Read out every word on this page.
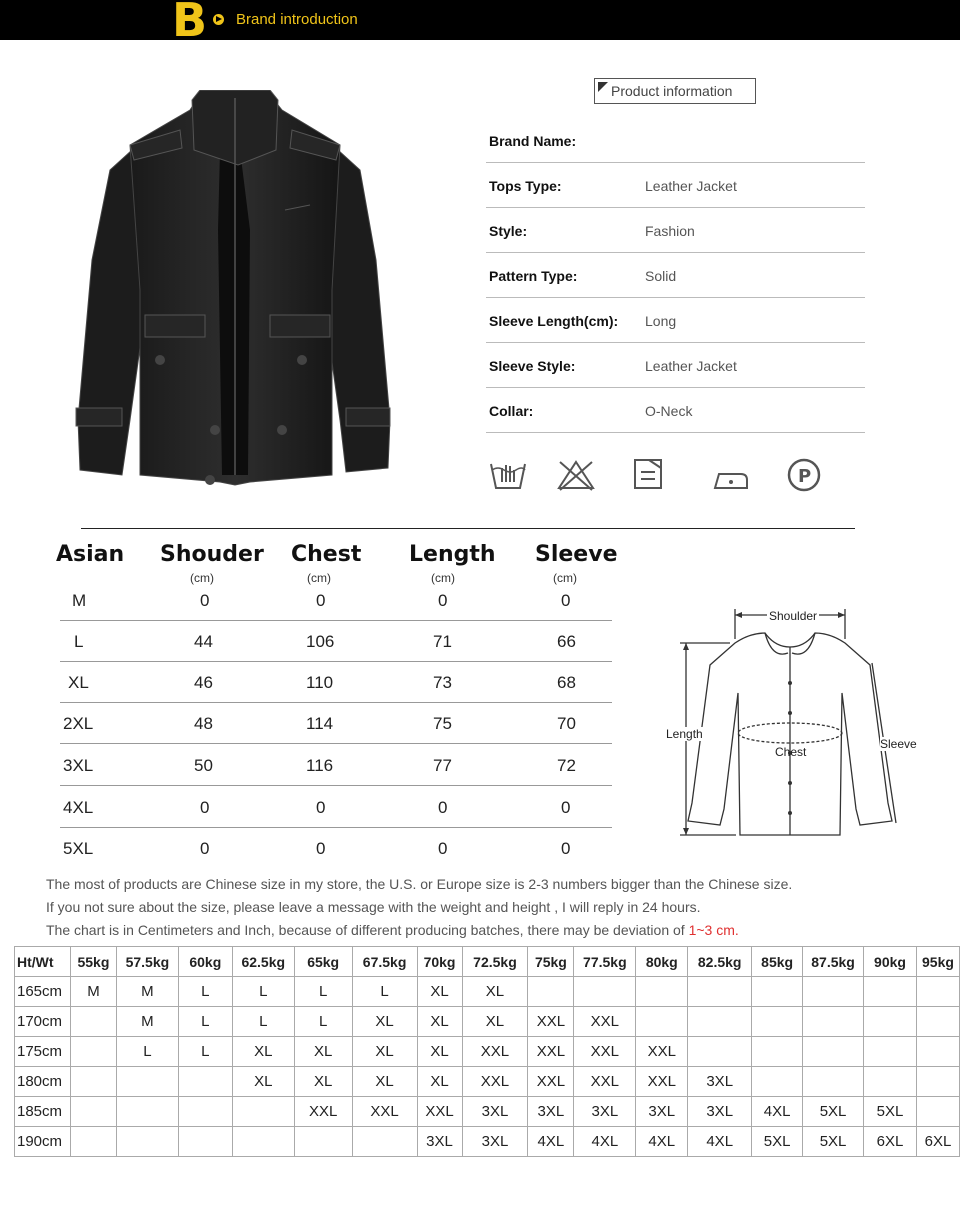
B Brand introduction
Product information
Brand Name:
Tops Type:	Leather Jacket
Style:	Fashion
Pattern Type:	Solid
Sleeve Length(cm): Long
Sleeve Style:	Leather Jacket
Collar:	O-Neck
P
Asian Shouder Chest Length Sleeve
(cm)	(cm)	(cm)	(cm)
M	0	0	0	0
L	44	106	71	66
XL	46	110	73	68
2XL	48	114	75	70
3XL	50	116	77	72
4XL	0	0	0	0
5XL	0	0	0	0
Shoulder
Length
Chest
Sleeve
The most of products are Chinese size in my store, the U.S. or Europe size is 2-3 numbers bigger than the Chinese size.
If you not sure about the size, please leave a message with the weight and height , I will reply in 24 hours.
The chart is in Centimeters and Inch, because of different producing batches, there may be deviation of 1~3 cm.
Ht/Wt	55kg	57.5kg	60kg	62.5kg	65kg	67.5kg	70kg	72.5kg	75kg	77.5kg	80kg	82.5kg	85kg	87.5kg	90kg	95kg
165cm	M	M	L	L	L	L	XL	XL								
170cm		M	L	L	L	XL	XL	XL	XXL	XXL						
175cm		L	L	XL	XL	XL	XL	XXL	XXL	XXL	XXL					
180cm				XL	XL	XL	XL	XXL	XXL	XXL	XXL	3XL				
185cm					XXL	XXL	XXL	3XL	3XL	3XL	3XL	3XL	4XL	5XL	5XL	
190cm							3XL	3XL	4XL	4XL	4XL	4XL	5XL	5XL	6XL	6XL
